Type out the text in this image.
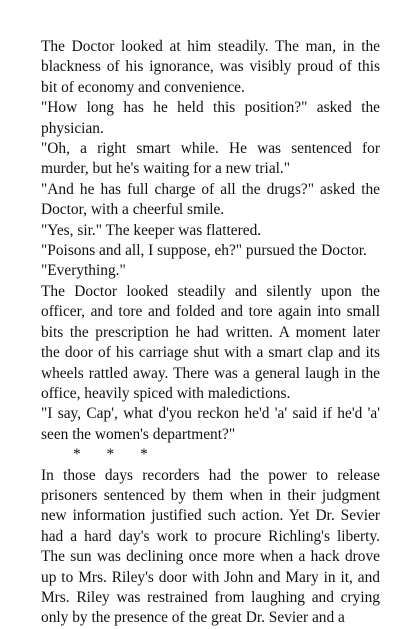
The Doctor looked at him steadily. The man, in the blackness of his ignorance, was visibly proud of this bit of economy and convenience.

"How long has he held this position?" asked the physician.

"Oh, a right smart while. He was sentenced for murder, but he's waiting for a new trial."

"And he has full charge of all the drugs?" asked the Doctor, with a cheerful smile.

"Yes, sir." The keeper was flattered.

"Poisons and all, I suppose, eh?" pursued the Doctor.

"Everything."

The Doctor looked steadily and silently upon the officer, and tore and folded and tore again into small bits the prescription he had written. A moment later the door of his carriage shut with a smart clap and its wheels rattled away. There was a general laugh in the office, heavily spiced with maledictions.

"I say, Cap', what d'you reckon he'd 'a' said if he'd 'a' seen the women's department?"

* * *

In those days recorders had the power to release prisoners sentenced by them when in their judgment new information justified such action. Yet Dr. Sevier had a hard day's work to procure Richling's liberty. The sun was declining once more when a hack drove up to Mrs. Riley's door with John and Mary in it, and Mrs. Riley was restrained from laughing and crying only by the presence of the great Dr. Sevier and a
